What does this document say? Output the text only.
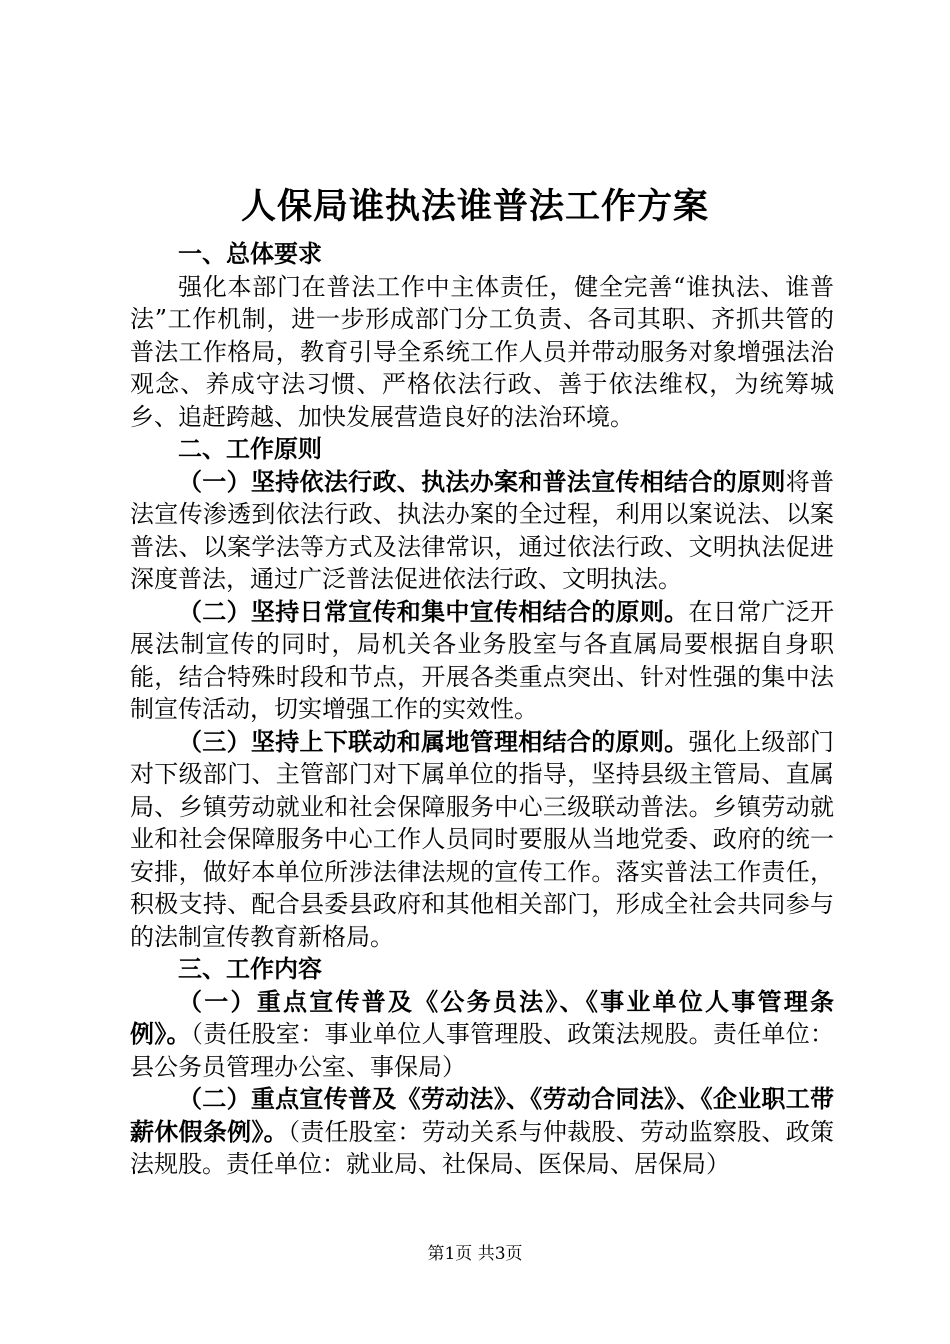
人保局谁执法谁普法工作方案

一、总体要求

强化本部门在普法工作中主体责任，健全完善“谁执法、谁普法”工作机制，进一步形成部门分工负责、各司其职、齐抓共管的普法工作格局，教育引导全系统工作人员并带动服务对象增强法治观念、养成守法习惯、严格依法行政、善于依法维权，为统筹城乡、追赶跨越、加快发展营造良好的法治环境。

二、工作原则

（一）坚持依法行政、执法办案和普法宣传相结合的原则将普法宣传渗透到依法行政、执法办案的全过程，利用以案说法、以案普法、以案学法等方式及法律常识，通过依法行政、文明执法促进深度普法，通过广泛普法促进依法行政、文明执法。

（二）坚持日常宣传和集中宣传相结合的原则。在日常广泛开展法制宣传的同时，局机关各业务股室与各直属局要根据自身职能，结合特殊时段和节点，开展各类重点突出、针对性强的集中法制宣传活动，切实增强工作的实效性。

（三）坚持上下联动和属地管理相结合的原则。强化上级部门对下级部门、主管部门对下属单位的指导，坚持县级主管局、直属局、乡镇劳动就业和社会保障服务中心三级联动普法。乡镇劳动就业和社会保障服务中心工作人员同时要服从当地党委、政府的统一安排，做好本单位所涉法律法规的宣传工作。落实普法工作责任，积极支持、配合县委县政府和其他相关部门，形成全社会共同参与的法制宣传教育新格局。

三、工作内容

（一）重点宣传普及《公务员法》、《事业单位人事管理条例》。（责任股室：事业单位人事管理股、政策法规股。责任单位：县公务员管理办公室、事保局）

（二）重点宣传普及《劳动法》、《劳动合同法》、《企业职工带薪休假条例》。（责任股室：劳动关系与仲裁股、劳动监察股、政策法规股。责任单位：就业局、社保局、医保局、居保局）

第1页 共3页
